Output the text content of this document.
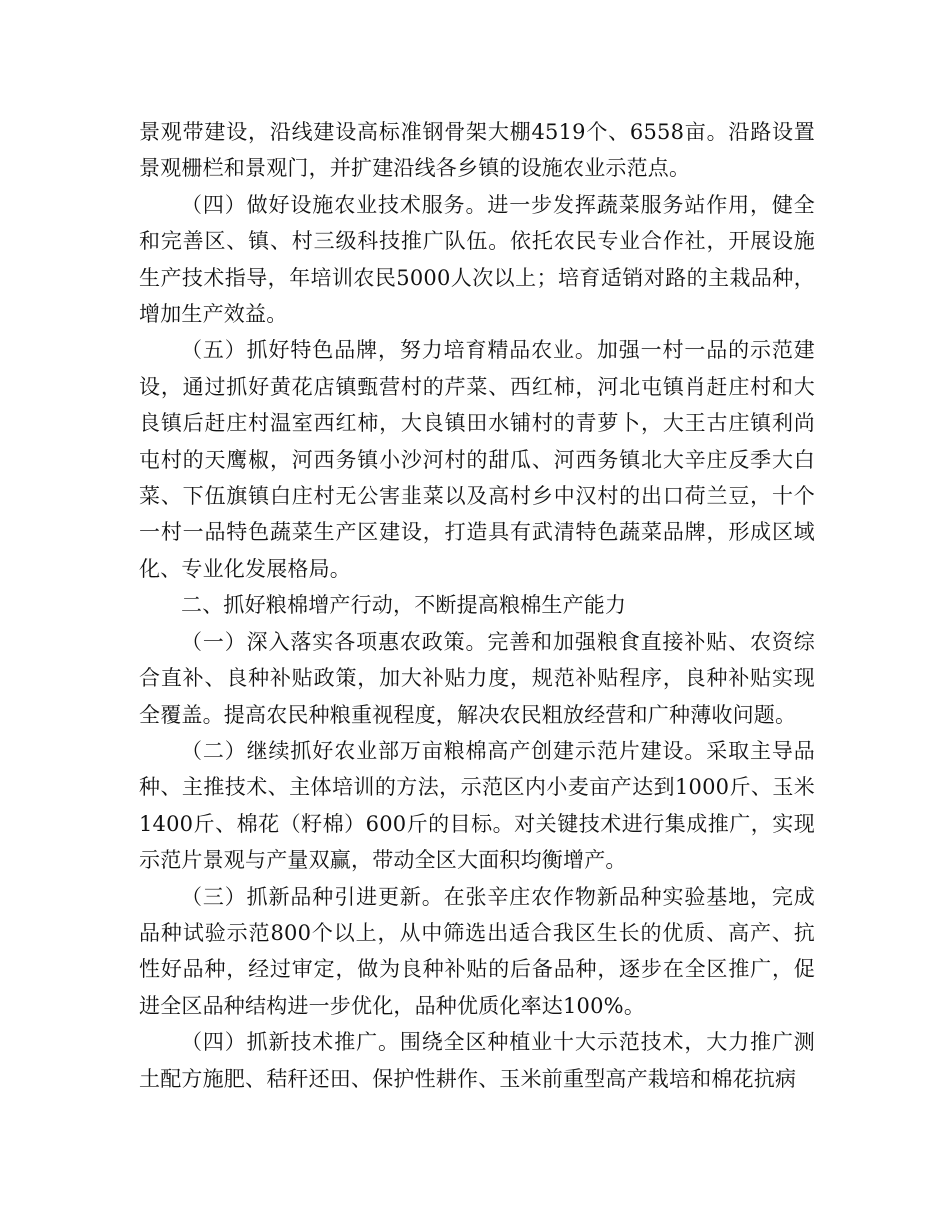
景观带建设，沿线建设高标准钢骨架大棚4519个、6558亩。沿路设置景观栅栏和景观门，并扩建沿线各乡镇的设施农业示范点。

（四）做好设施农业技术服务。进一步发挥蔬菜服务站作用，健全和完善区、镇、村三级科技推广队伍。依托农民专业合作社，开展设施生产技术指导，年培训农民5000人次以上；培育适销对路的主栽品种，增加生产效益。

（五）抓好特色品牌，努力培育精品农业。加强一村一品的示范建设，通过抓好黄花店镇甄营村的芹菜、西红柿，河北屯镇肖赶庄村和大良镇后赶庄村温室西红柿，大良镇田水铺村的青萝卜，大王古庄镇利尚屯村的天鹰椒，河西务镇小沙河村的甜瓜、河西务镇北大辛庄反季大白菜、下伍旗镇白庄村无公害韭菜以及高村乡中汉村的出口荷兰豆，十个一村一品特色蔬菜生产区建设，打造具有武清特色蔬菜品牌，形成区域化、专业化发展格局。

二、抓好粮棉增产行动，不断提高粮棉生产能力

（一）深入落实各项惠农政策。完善和加强粮食直接补贴、农资综合直补、良种补贴政策，加大补贴力度，规范补贴程序，良种补贴实现全覆盖。提高农民种粮重视程度，解决农民粗放经营和广种薄收问题。

（二）继续抓好农业部万亩粮棉高产创建示范片建设。采取主导品种、主推技术、主体培训的方法，示范区内小麦亩产达到1000斤、玉米1400斤、棉花（籽棉）600斤的目标。对关键技术进行集成推广，实现示范片景观与产量双赢，带动全区大面积均衡增产。

（三）抓新品种引进更新。在张辛庄农作物新品种实验基地，完成品种试验示范800个以上，从中筛选出适合我区生长的优质、高产、抗性好品种，经过审定，做为良种补贴的后备品种，逐步在全区推广，促进全区品种结构进一步优化，品种优质化率达100%。

（四）抓新技术推广。围绕全区种植业十大示范技术，大力推广测土配方施肥、秸秆还田、保护性耕作、玉米前重型高产栽培和棉花抗病
